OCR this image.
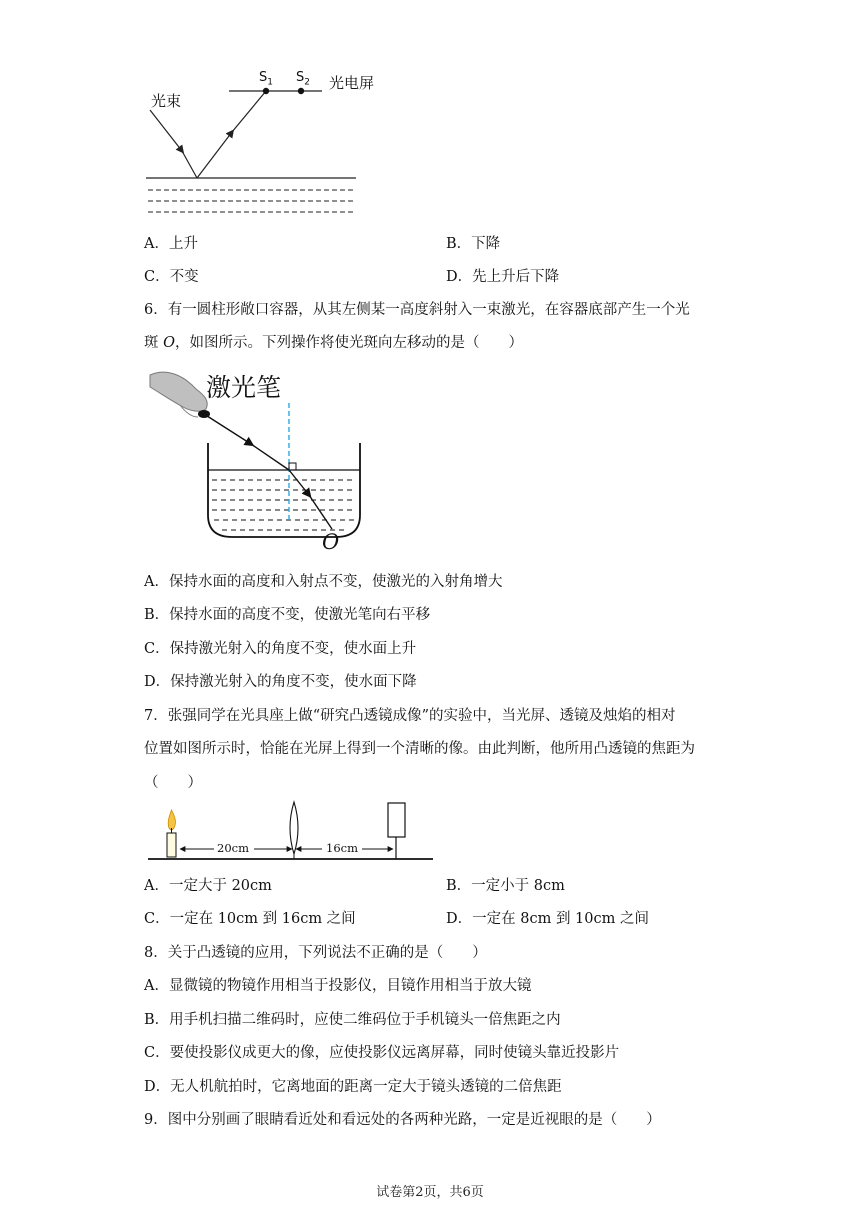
光束
$S_1$ $S_2$ 光电屏
A．上升	B．下降
C．不变	D．先上升后下降
6．有一圆柱形敞口容器，从其左侧某一高度斜射入一束激光，在容器底部产生一个光
斑 O，如图所示。下列操作将使光斑向左移动的是（　　）
激光笔
O
A．保持水面的高度和入射点不变，使激光的入射角增大
B．保持水面的高度不变，使激光笔向右平移
C．保持激光射入的角度不变，使水面上升
D．保持激光射入的角度不变，使水面下降
7．张强同学在光具座上做“研究凸透镜成像”的实验中，当光屏、透镜及烛焰的相对
位置如图所示时，恰能在光屏上得到一个清晰的像。由此判断，他所用凸透镜的焦距为
（　　）
20cm	16cm
A．一定大于 20cm	B．一定小于 8cm
C．一定在 10cm 到 16cm 之间	D．一定在 8cm 到 10cm 之间
8．关于凸透镜的应用，下列说法不正确的是（　　）
A．显微镜的物镜作用相当于投影仪，目镜作用相当于放大镜
B．用手机扫描二维码时，应使二维码位于手机镜头一倍焦距之内
C．要使投影仪成更大的像，应使投影仪远离屏幕，同时使镜头靠近投影片
D．无人机航拍时，它离地面的距离一定大于镜头透镜的二倍焦距
9．图中分别画了眼睛看近处和看远处的各两种光路，一定是近视眼的是（　　）
试卷第2页，共6页
